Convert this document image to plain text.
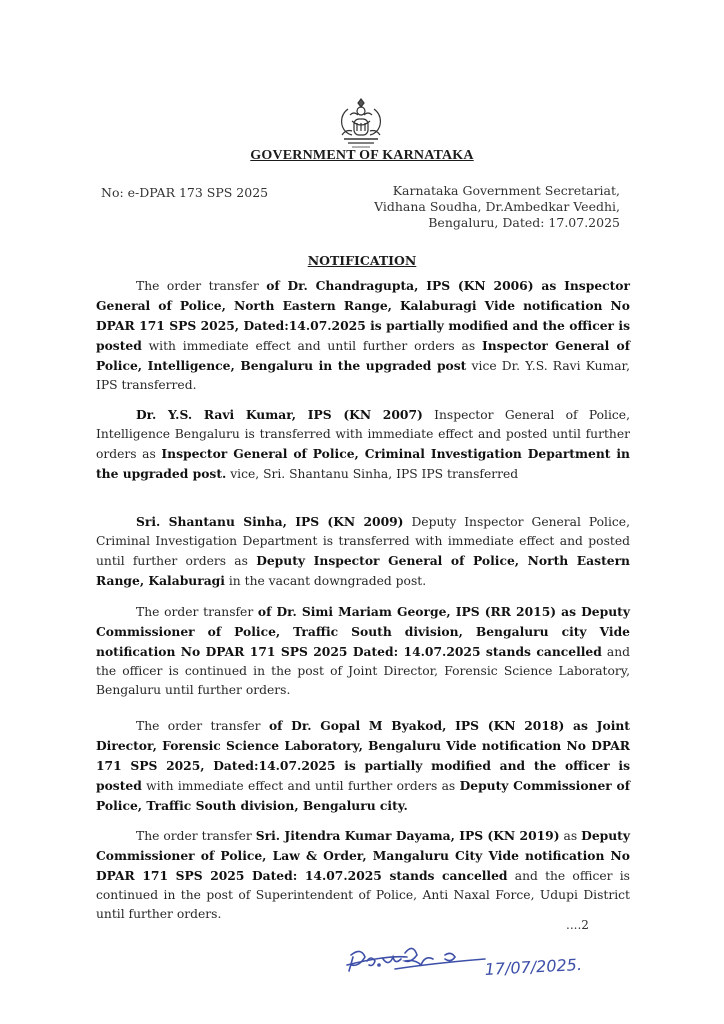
GOVERNMENT OF KARNATAKA
No: e-DPAR 173 SPS 2025	Karnataka Government Secretariat,
Vidhana Soudha, Dr.Ambedkar Veedhi,
Bengaluru, Dated: 17.07.2025
NOTIFICATION

The order transfer of Dr. Chandragupta, IPS (KN 2006) as Inspector General of Police, North Eastern Range, Kalaburagi Vide notification No DPAR 171 SPS 2025, Dated:14.07.2025 is partially modified and the officer is posted with immediate effect and until further orders as Inspector General of Police, Intelligence, Bengaluru in the upgraded post vice Dr. Y.S. Ravi Kumar, IPS transferred.

Dr. Y.S. Ravi Kumar, IPS (KN 2007) Inspector General of Police, Intelligence Bengaluru is transferred with immediate effect and posted until further orders as Inspector General of Police, Criminal Investigation Department in the upgraded post. vice, Sri. Shantanu Sinha, IPS IPS transferred

Sri. Shantanu Sinha, IPS (KN 2009) Deputy Inspector General Police, Criminal Investigation Department is transferred with immediate effect and posted until further orders as Deputy Inspector General of Police, North Eastern Range, Kalaburagi in the vacant downgraded post.

The order transfer of Dr. Simi Mariam George, IPS (RR 2015) as Deputy Commissioner of Police, Traffic South division, Bengaluru city Vide notification No DPAR 171 SPS 2025 Dated: 14.07.2025 stands cancelled and the officer is continued in the post of Joint Director, Forensic Science Laboratory, Bengaluru until further orders.

The order transfer of Dr. Gopal M Byakod, IPS (KN 2018) as Joint Director, Forensic Science Laboratory, Bengaluru Vide notification No DPAR 171 SPS 2025, Dated:14.07.2025 is partially modified and the officer is posted with immediate effect and until further orders as Deputy Commissioner of Police, Traffic South division, Bengaluru city.

The order transfer Sri. Jitendra Kumar Dayama, IPS (KN 2019) as Deputy Commissioner of Police, Law & Order, Mangaluru City Vide notification No DPAR 171 SPS 2025 Dated: 14.07.2025 stands cancelled and the officer is continued in the post of Superintendent of Police, Anti Naxal Force, Udupi District until further orders.

....2
17/07/2025.
